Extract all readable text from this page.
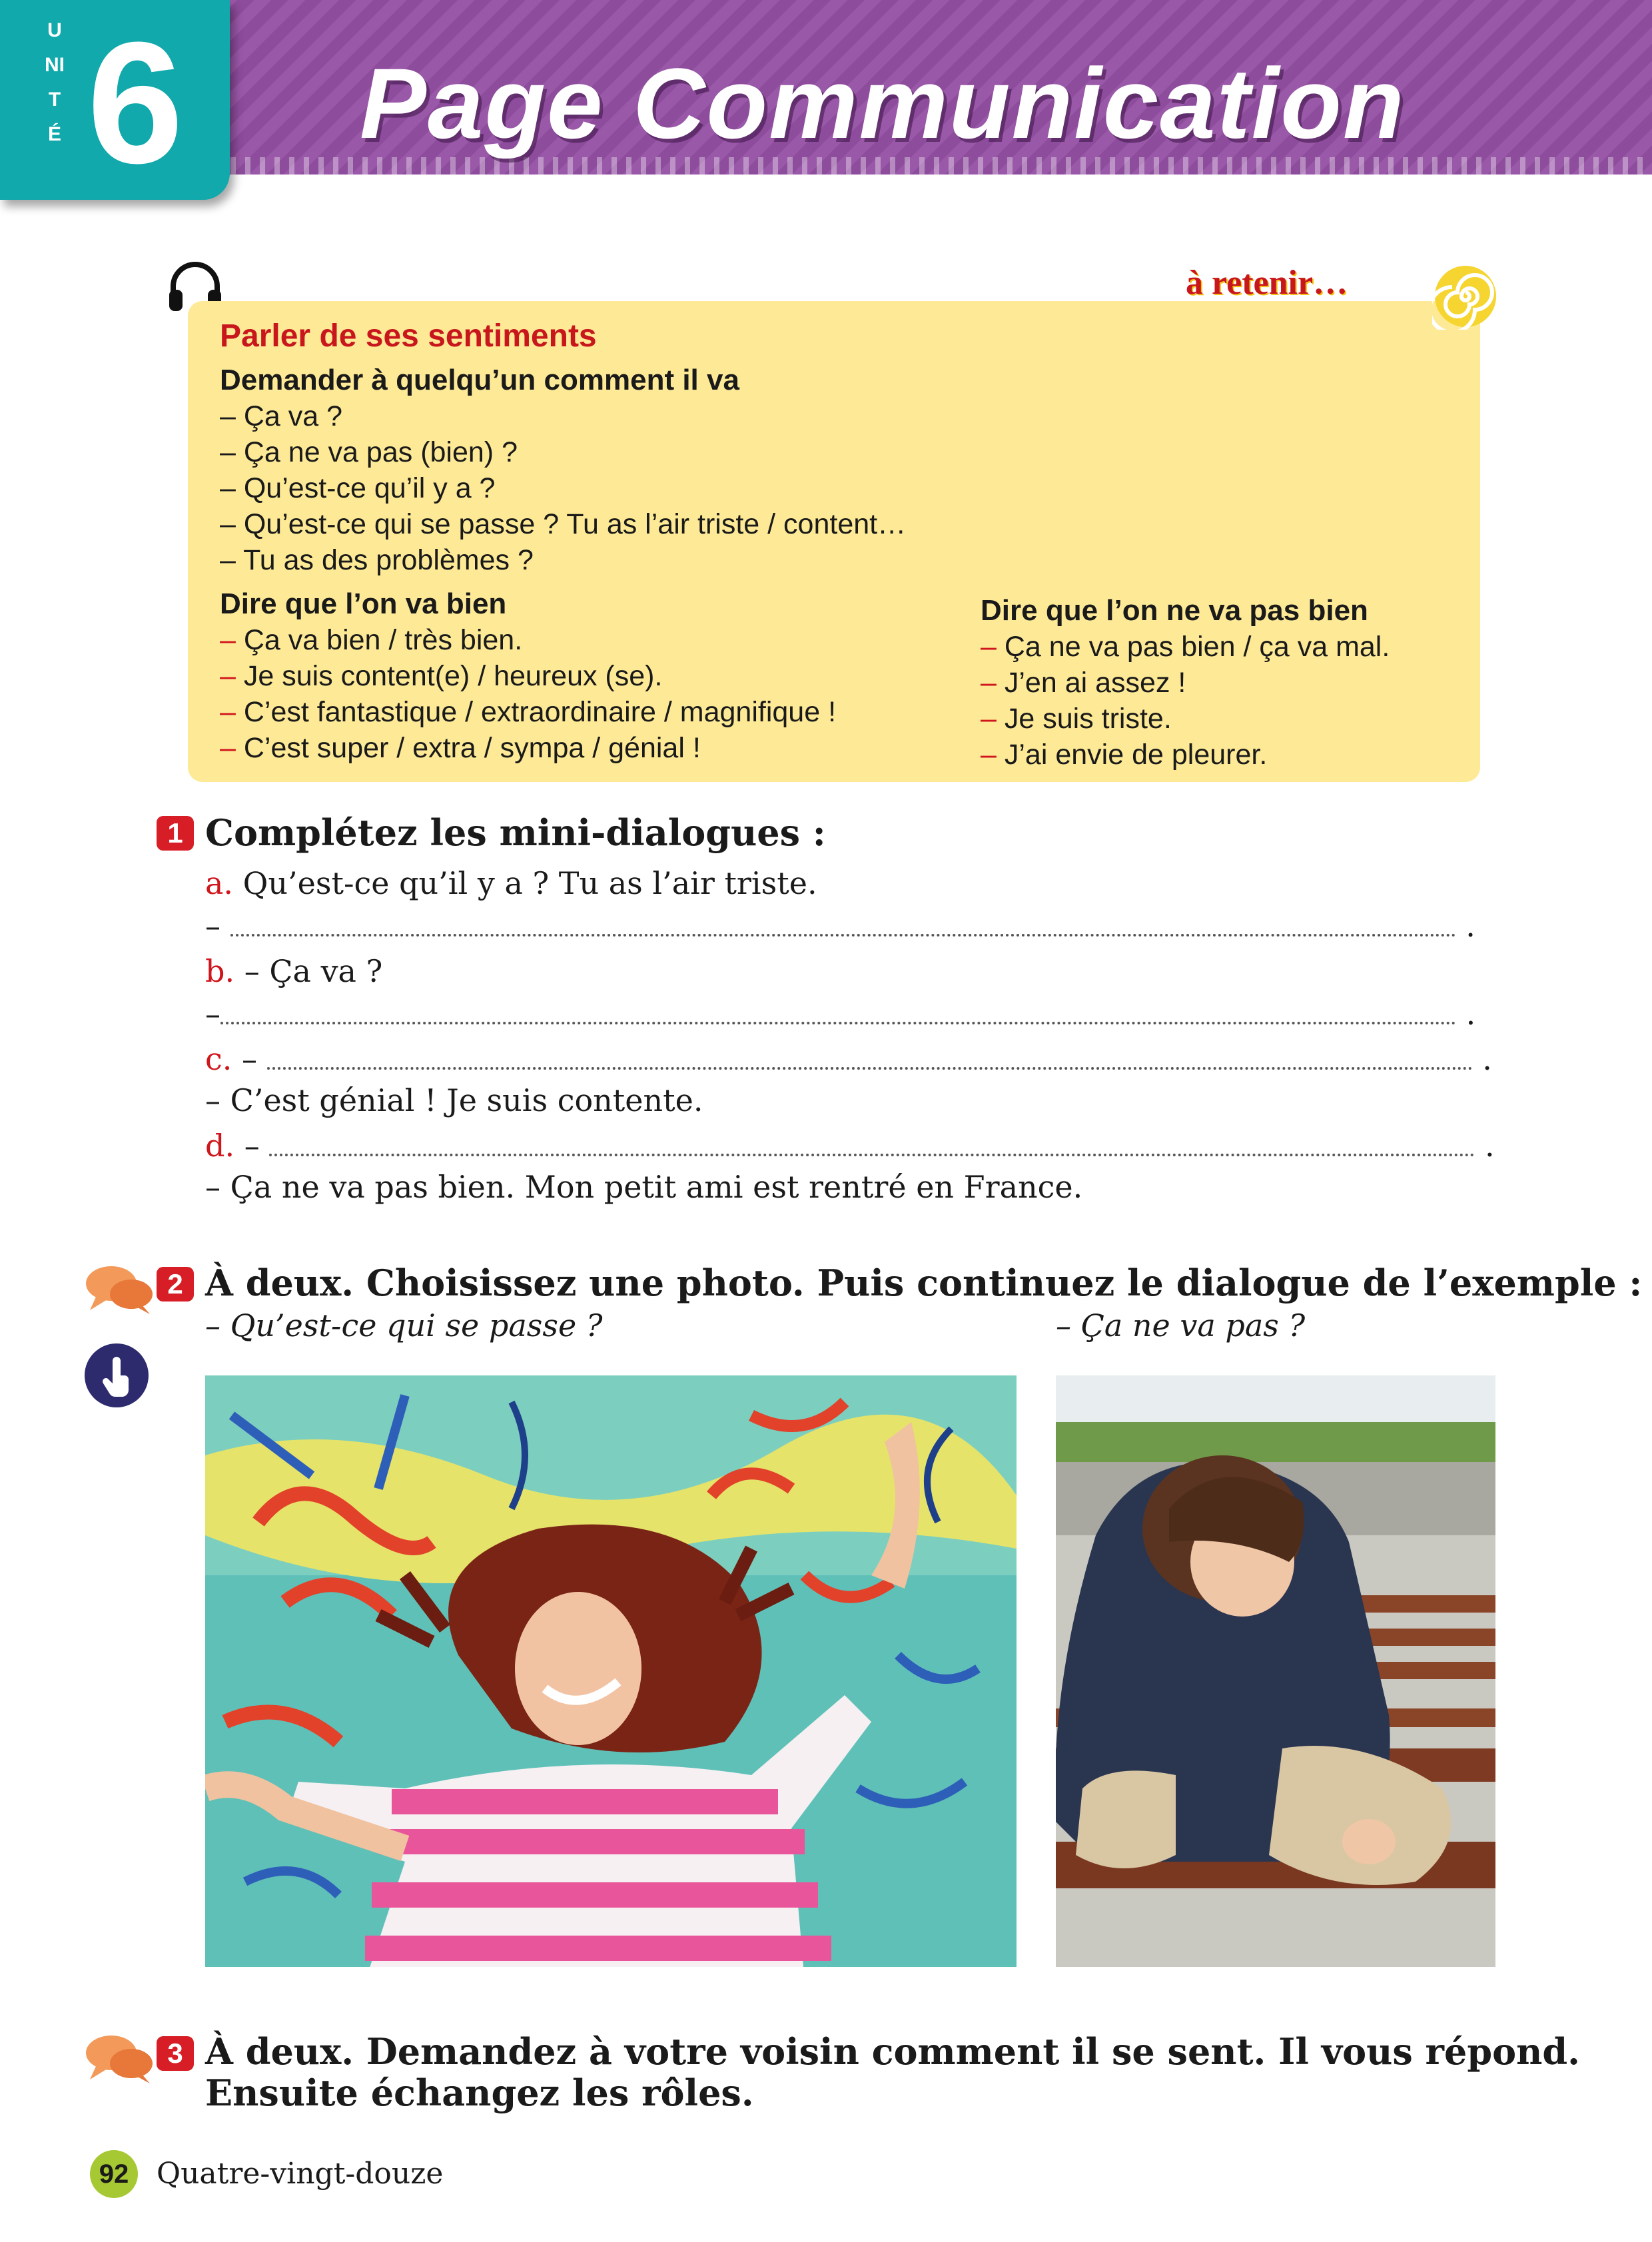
UNITÉ 6 Page Communication
à retenir…
Parler de ses sentiments
Demander à quelqu’un comment il va
– Ça va ?
– Ça ne va pas (bien) ?
– Qu’est-ce qu’il y a ?
– Qu’est-ce qui se passe ? Tu as l’air triste / content…
– Tu as des problèmes ?
Dire que l’on va bien
– Ça va bien / très bien.
– Je suis content(e) / heureux (se).
– C’est fantastique / extraordinaire / magnifique !
– C’est super / extra / sympa / génial !
Dire que l’on ne va pas bien
– Ça ne va pas bien / ça va mal.
– J’en ai assez !
– Je suis triste.
– J’ai envie de pleurer.
1 Complétez les mini-dialogues :
a. Qu’est-ce qu’il y a ? Tu as l’air triste.
–	.
b. – Ça va ?
–	.
c. –	.
– C’est génial ! Je suis contente.
d. –	.
– Ça ne va pas bien. Mon petit ami est rentré en France.
2 À deux. Choisissez une photo. Puis continuez le dialogue de l’exemple :
– Qu’est-ce qui se passe ?	– Ça ne va pas ?
3 À deux. Demandez à votre voisin comment il se sent. Il vous répond.
Ensuite échangez les rôles.
92 Quatre-vingt-douze
